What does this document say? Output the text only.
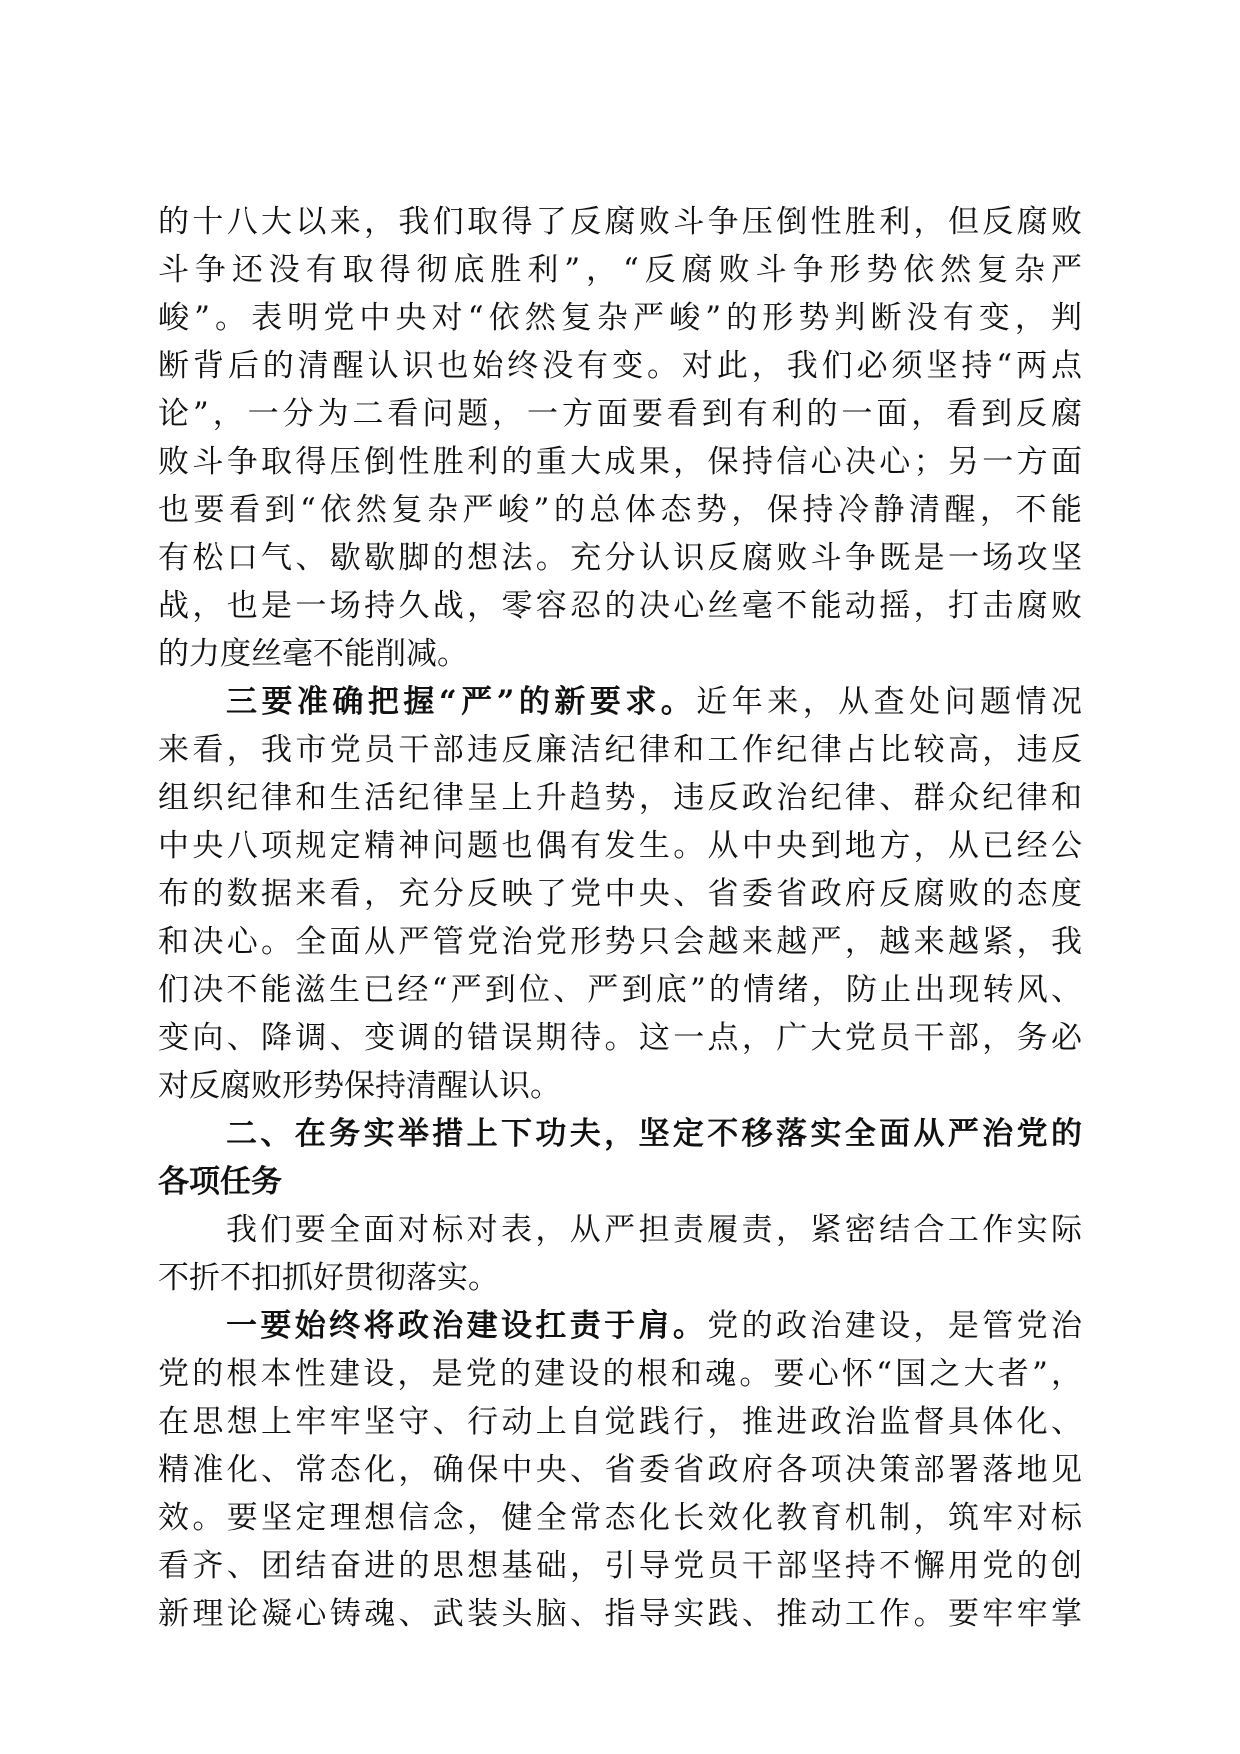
的十八大以来，我们取得了反腐败斗争压倒性胜利，但反腐败
斗争还没有取得彻底胜利”，“反腐败斗争形势依然复杂严
峻”。表明党中央对“依然复杂严峻”的形势判断没有变，判
断背后的清醒认识也始终没有变。对此，我们必须坚持“两点
论”，一分为二看问题，一方面要看到有利的一面，看到反腐
败斗争取得压倒性胜利的重大成果，保持信心决心；另一方面
也要看到“依然复杂严峻”的总体态势，保持冷静清醒，不能
有松口气、歇歇脚的想法。充分认识反腐败斗争既是一场攻坚
战，也是一场持久战，零容忍的决心丝毫不能动摇，打击腐败
的力度丝毫不能削减。
三要准确把握“严”的新要求。近年来，从查处问题情况
来看，我市党员干部违反廉洁纪律和工作纪律占比较高，违反
组织纪律和生活纪律呈上升趋势，违反政治纪律、群众纪律和
中央八项规定精神问题也偶有发生。从中央到地方，从已经公
布的数据来看，充分反映了党中央、省委省政府反腐败的态度
和决心。全面从严管党治党形势只会越来越严，越来越紧，我
们决不能滋生已经“严到位、严到底”的情绪，防止出现转风、
变向、降调、变调的错误期待。这一点，广大党员干部，务必
对反腐败形势保持清醒认识。
二、在务实举措上下功夫，坚定不移落实全面从严治党的
各项任务
我们要全面对标对表，从严担责履责，紧密结合工作实际
不折不扣抓好贯彻落实。
一要始终将政治建设扛责于肩。党的政治建设，是管党治
党的根本性建设，是党的建设的根和魂。要心怀“国之大者”，
在思想上牢牢坚守、行动上自觉践行，推进政治监督具体化、
精准化、常态化，确保中央、省委省政府各项决策部署落地见
效。要坚定理想信念，健全常态化长效化教育机制，筑牢对标
看齐、团结奋进的思想基础，引导党员干部坚持不懈用党的创
新理论凝心铸魂、武装头脑、指导实践、推动工作。要牢牢掌
